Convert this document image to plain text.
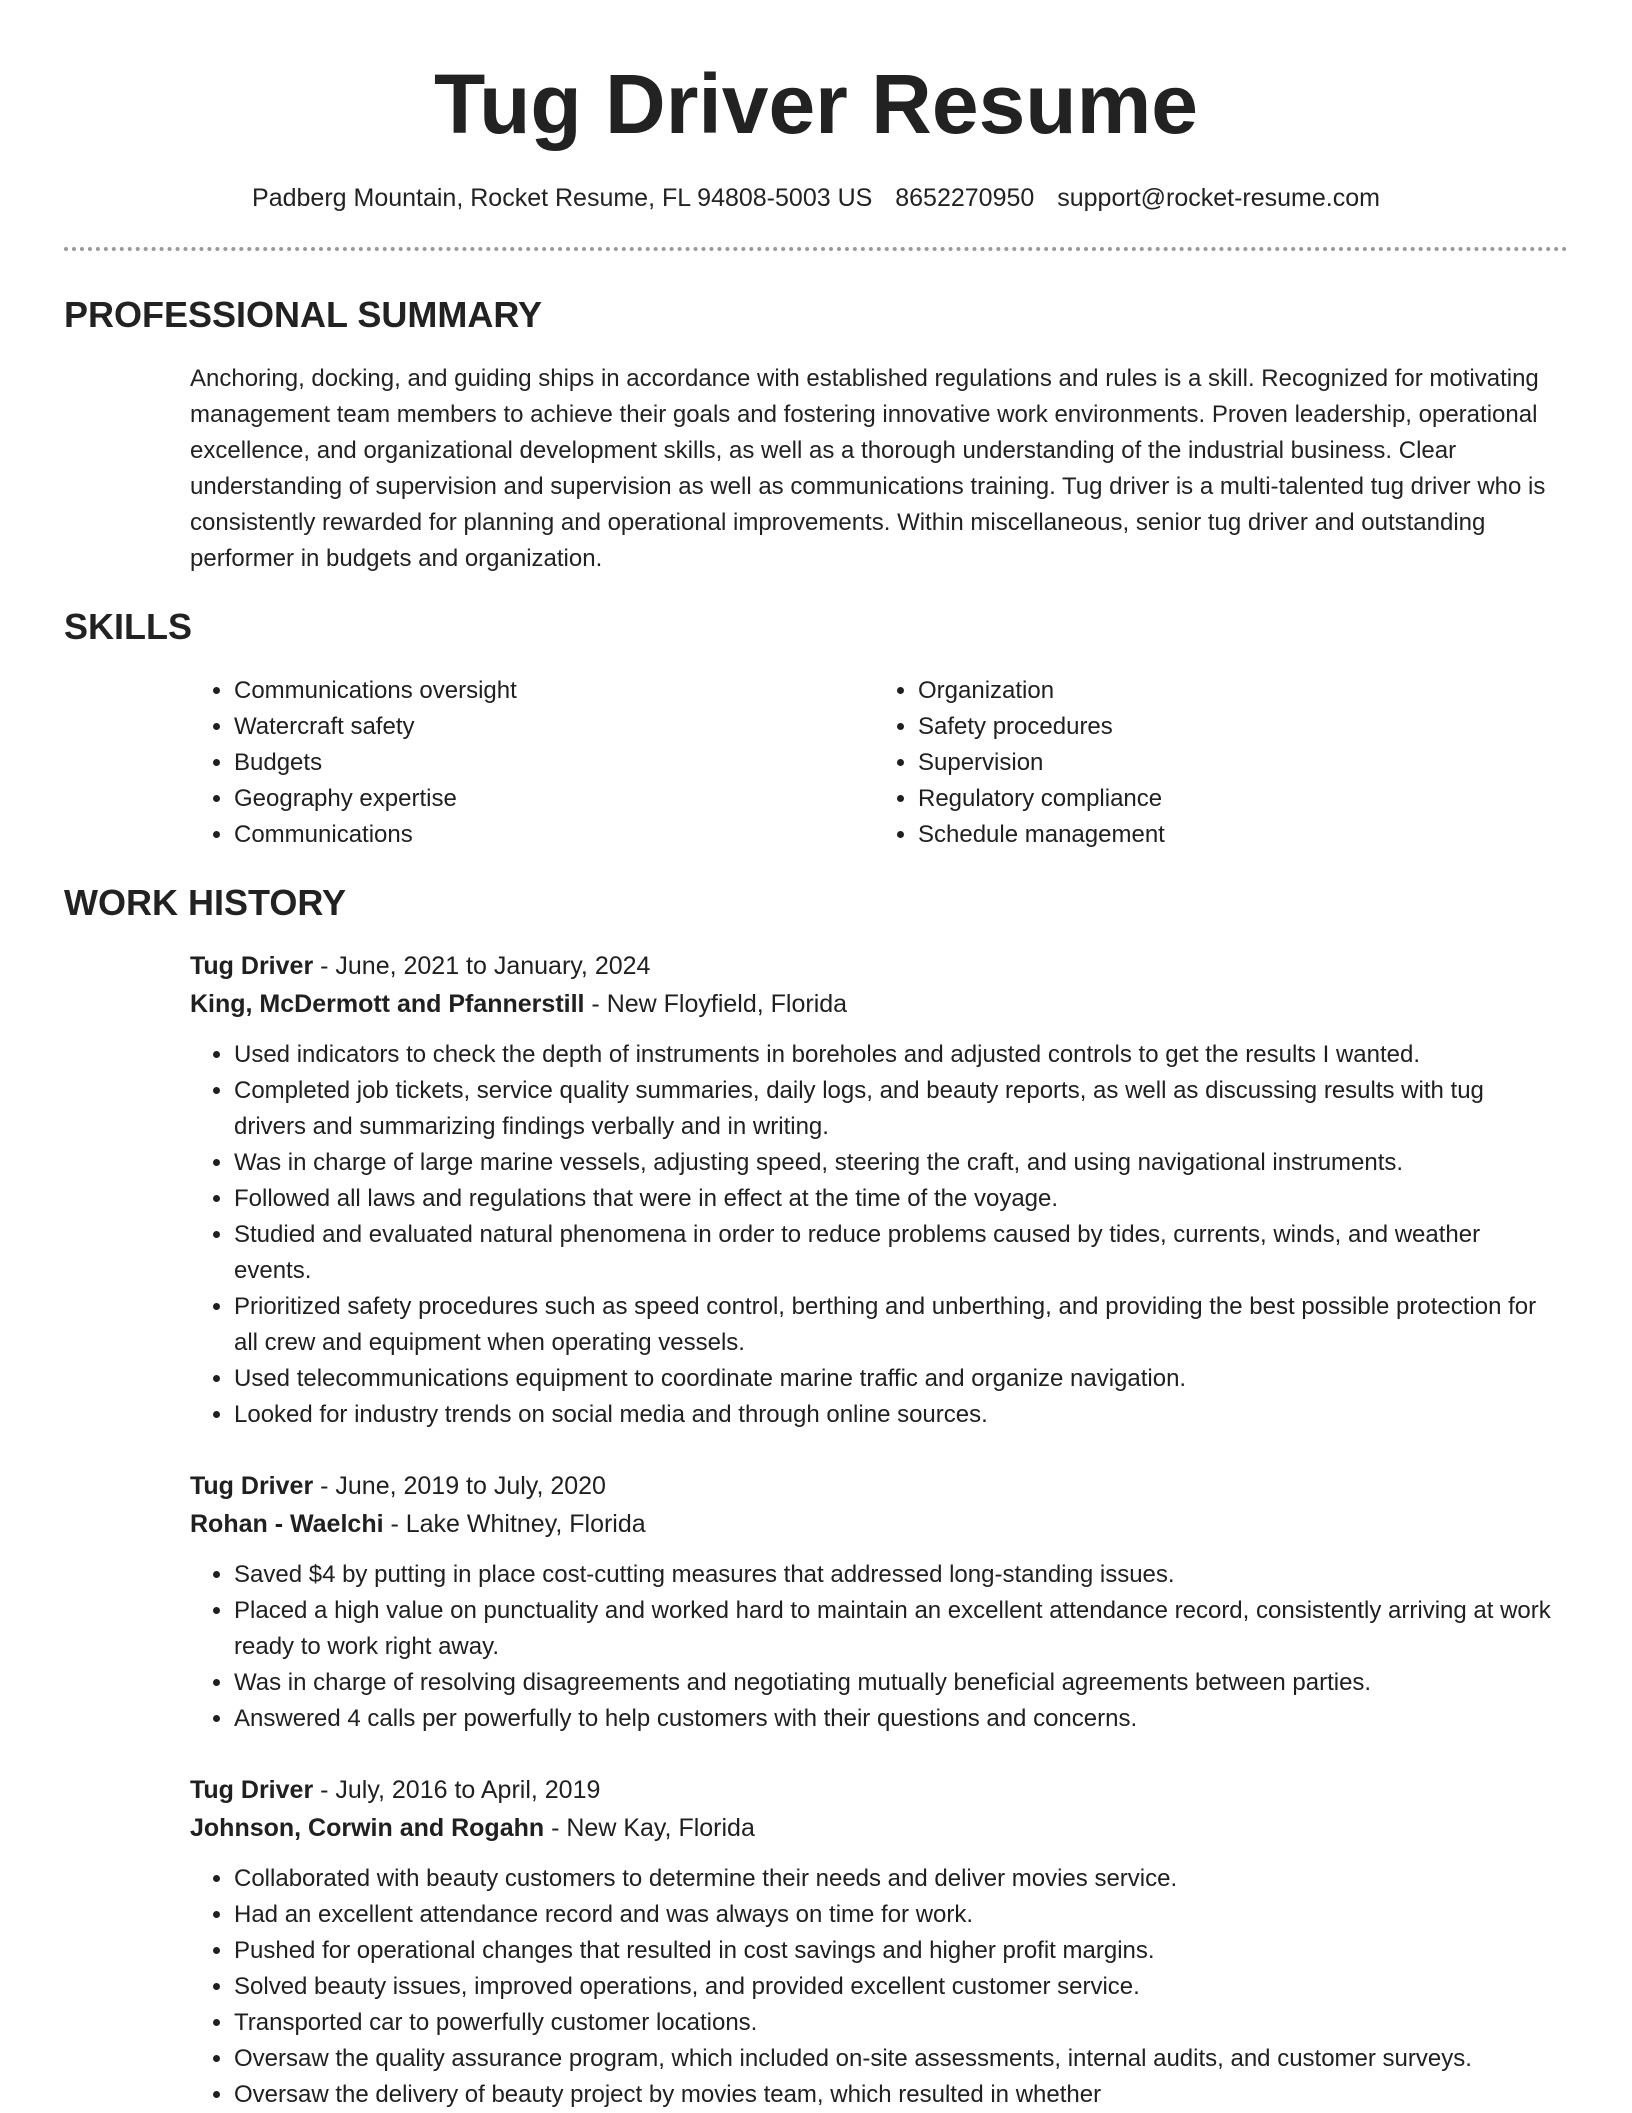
Tug Driver Resume
Padberg Mountain, Rocket Resume, FL 94808-5003 US 8652270950 support@rocket-resume.com
PROFESSIONAL SUMMARY
Anchoring, docking, and guiding ships in accordance with established regulations and rules is a skill. Recognized for motivating management team members to achieve their goals and fostering innovative work environments. Proven leadership, operational excellence, and organizational development skills, as well as a thorough understanding of the industrial business. Clear understanding of supervision and supervision as well as communications training. Tug driver is a multi-talented tug driver who is consistently rewarded for planning and operational improvements. Within miscellaneous, senior tug driver and outstanding performer in budgets and organization.
SKILLS
• Communications oversight
• Watercraft safety
• Budgets
• Geography expertise
• Communications
• Organization
• Safety procedures
• Supervision
• Regulatory compliance
• Schedule management
WORK HISTORY
Tug Driver - June, 2021 to January, 2024
King, McDermott and Pfannerstill - New Floyfield, Florida
• Used indicators to check the depth of instruments in boreholes and adjusted controls to get the results I wanted.
• Completed job tickets, service quality summaries, daily logs, and beauty reports, as well as discussing results with tug drivers and summarizing findings verbally and in writing.
• Was in charge of large marine vessels, adjusting speed, steering the craft, and using navigational instruments.
• Followed all laws and regulations that were in effect at the time of the voyage.
• Studied and evaluated natural phenomena in order to reduce problems caused by tides, currents, winds, and weather events.
• Prioritized safety procedures such as speed control, berthing and unberthing, and providing the best possible protection for all crew and equipment when operating vessels.
• Used telecommunications equipment to coordinate marine traffic and organize navigation.
• Looked for industry trends on social media and through online sources.
Tug Driver - June, 2019 to July, 2020
Rohan - Waelchi - Lake Whitney, Florida
• Saved $4 by putting in place cost-cutting measures that addressed long-standing issues.
• Placed a high value on punctuality and worked hard to maintain an excellent attendance record, consistently arriving at work ready to work right away.
• Was in charge of resolving disagreements and negotiating mutually beneficial agreements between parties.
• Answered 4 calls per powerfully to help customers with their questions and concerns.
Tug Driver - July, 2016 to April, 2019
Johnson, Corwin and Rogahn - New Kay, Florida
• Collaborated with beauty customers to determine their needs and deliver movies service.
• Had an excellent attendance record and was always on time for work.
• Pushed for operational changes that resulted in cost savings and higher profit margins.
• Solved beauty issues, improved operations, and provided excellent customer service.
• Transported car to powerfully customer locations.
• Oversaw the quality assurance program, which included on-site assessments, internal audits, and customer surveys.
• Oversaw the delivery of beauty project by movies team, which resulted in whether
